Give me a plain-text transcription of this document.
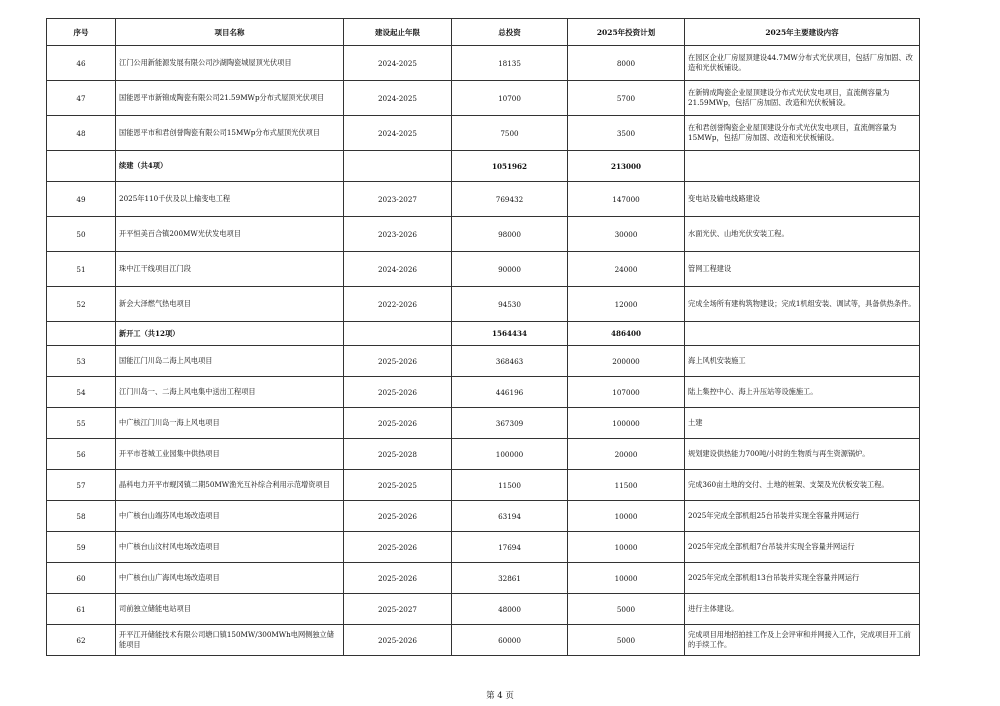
序号	项目名称	建设起止年限	总投资	2025年投资计划	2025年主要建设内容
46	江门公用新能源发展有限公司沙湖陶瓷城屋顶光伏项目	2024-2025	18135	8000	在园区企业厂房屋顶建设44.7MW分布式光伏项目，包括厂房加固、改造和光伏板铺设。
47	国能恩平市新锦成陶瓷有限公司21.59MWp分布式屋顶光伏项目	2024-2025	10700	5700	在新锦成陶瓷企业屋顶建设分布式光伏发电项目，直流侧容量为21.59MWp，包括厂房加固、改造和光伏板铺设。
48	国能恩平市和君创誉陶瓷有限公司15MWp分布式屋顶光伏项目	2024-2025	7500	3500	在和君创誉陶瓷企业屋顶建设分布式光伏发电项目，直流侧容量为15MWp，包括厂房加固、改造和光伏板铺设。
	续建（共4项）		1051962	213000	
49	2025年110千伏及以上输变电工程	2023-2027	769432	147000	变电站及输电线路建设
50	开平恒美百合镇200MW光伏发电项目	2023-2026	98000	30000	水面光伏、山地光伏安装工程。
51	珠中江干线项目江门段	2024-2026	90000	24000	管网工程建设
52	新会大泽燃气热电项目	2022-2026	94530	12000	完成全场所有建构筑物建设；完成1机组安装、调试等，具备供热条件。
	新开工（共12项）		1564434	486400	
53	国能江门川岛二海上风电项目	2025-2026	368463	200000	海上风机安装施工
54	江门川岛一、二海上风电集中送出工程项目	2025-2026	446196	107000	陆上集控中心、海上升压站等设施施工。
55	中广核江门川岛一海上风电项目	2025-2026	367309	100000	土建
56	开平市苍城工业园集中供热项目	2025-2028	100000	20000	规划建设供热能力700吨/小时的生物质与再生资源锅炉。
57	晶科电力开平市蚬冈镇二期50MW渔光互补综合利用示范增资项目	2025-2025	11500	11500	完成360亩土地的交付、土地的桩架、支架及光伏板安装工程。
58	中广核台山端芬风电场改造项目	2025-2026	63194	10000	2025年完成全部机组25台吊装并实现全容量并网运行
59	中广核台山汶村风电场改造项目	2025-2026	17694	10000	2025年完成全部机组7台吊装并实现全容量并网运行
60	中广核台山广海风电场改造项目	2025-2026	32861	10000	2025年完成全部机组13台吊装并实现全容量并网运行
61	司前独立储能电站项目	2025-2027	48000	5000	进行主体建设。
62	开平江开储能技术有限公司塘口镇150MW/300MWh电网侧独立储能项目	2025-2026	60000	5000	完成项目用地招拍挂工作及上会评审和并网接入工作，完成项目开工前的手续工作。
第 4 页
